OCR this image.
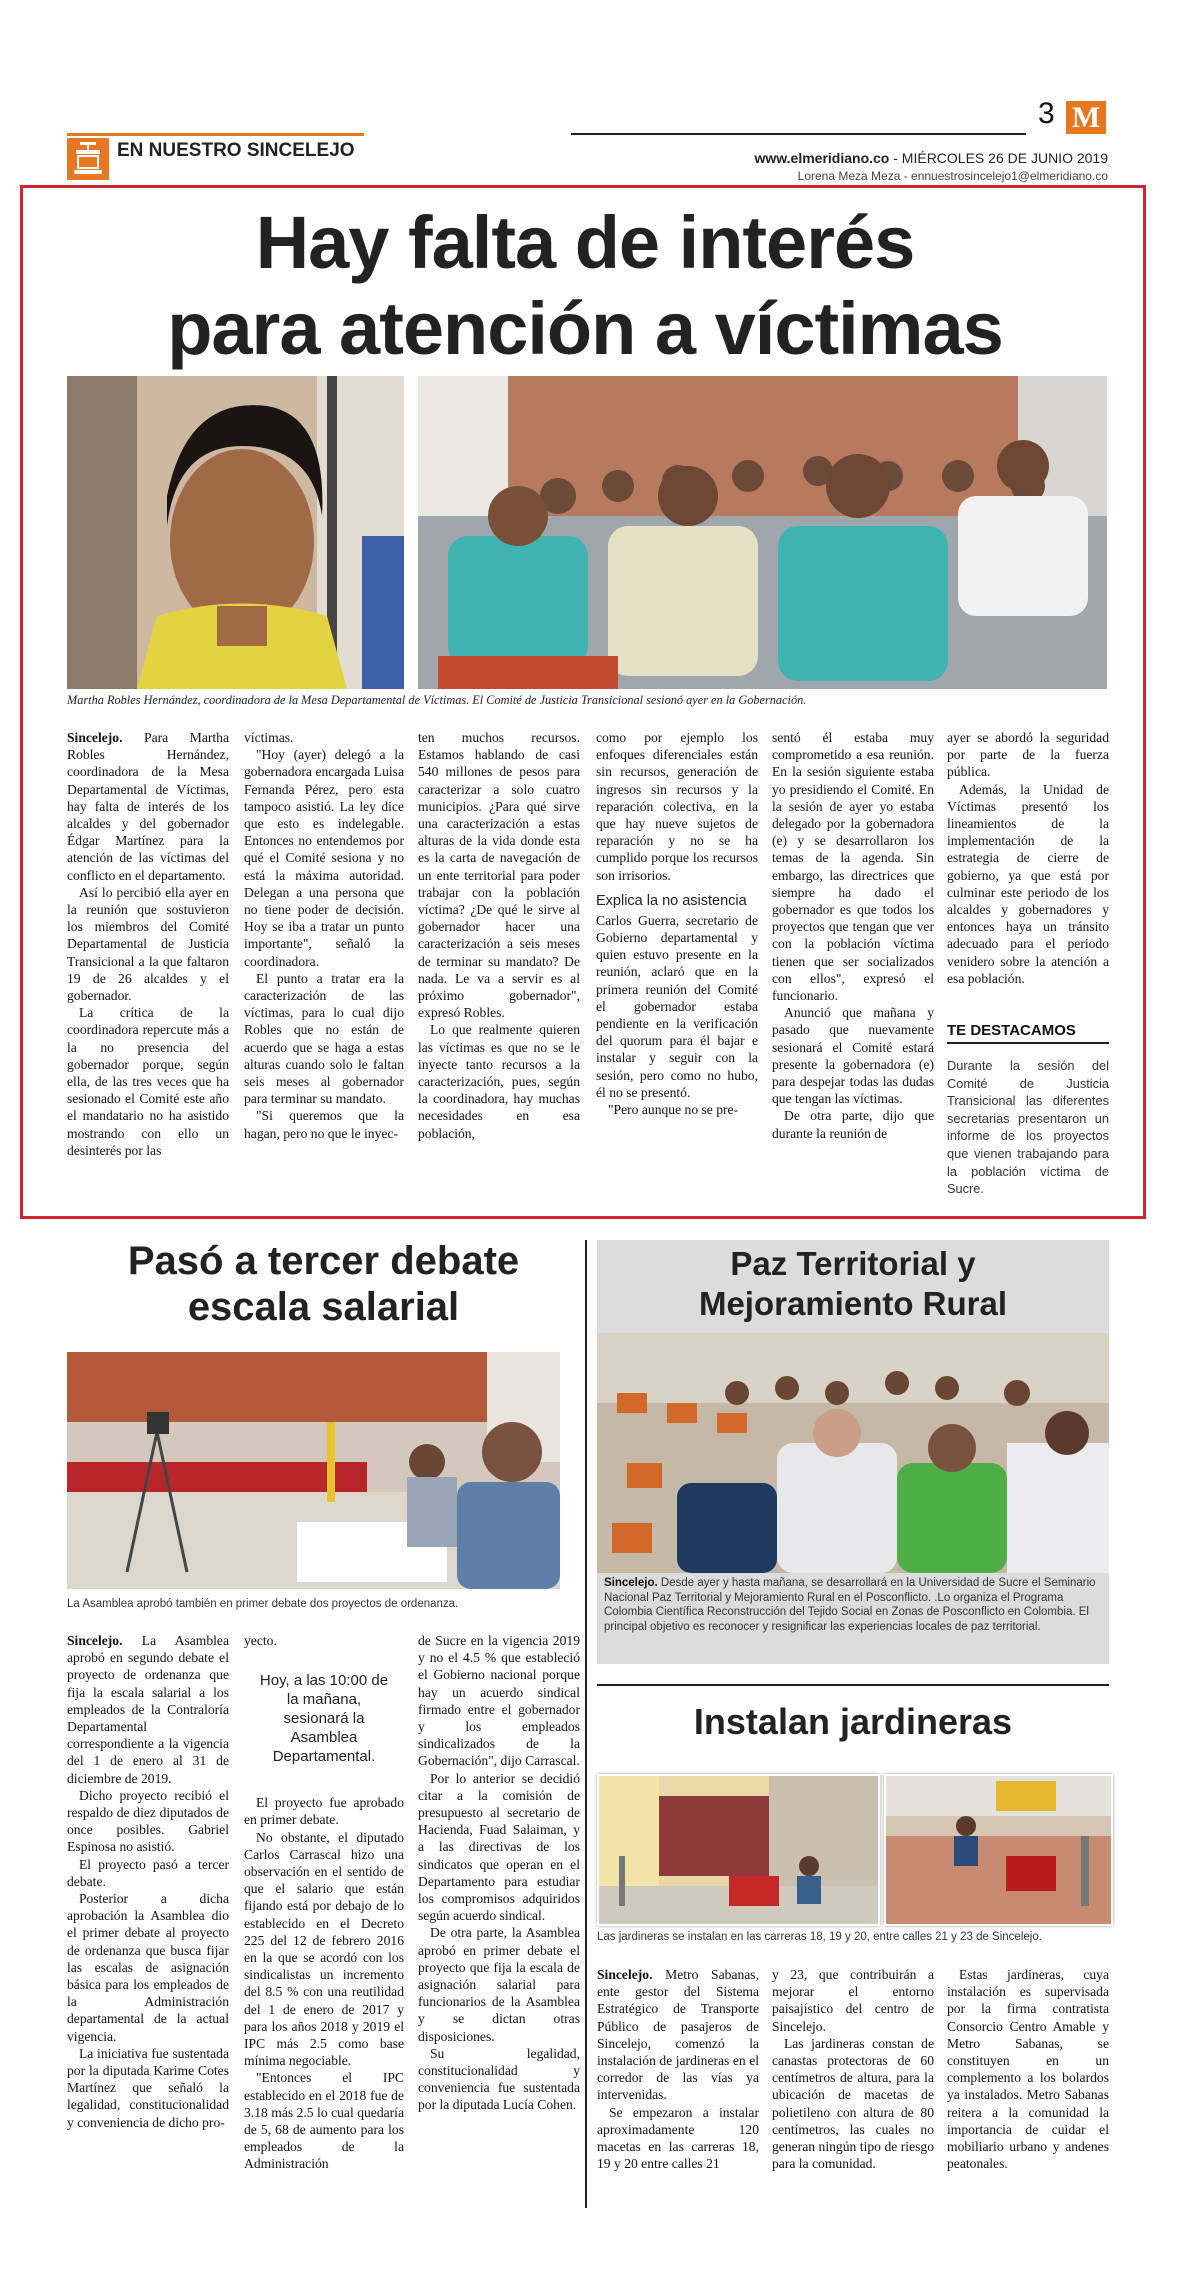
3 M
EN NUESTRO SINCELEJO	www.elmeridiano.co - MIÉRCOLES 26 DE JUNIO 2019
Lorena Meza Meza - ennuestrosincelejo1@elmeridiano.co
Hay falta de interés
para atención a víctimas
Martha Robles Hernández, coordinadora de la Mesa Departamental de Víctimas. El Comité de Justicia Transicional sesionó ayer en la Gobernación.

Sincelejo. Para Martha Robles Hernández, coordinadora de la Mesa Departamental de Víctimas, hay falta de interés de los alcaldes y del gobernador Édgar Martínez para la atención de las víctimas del conflicto en el departamento.

Así lo percibió ella ayer en la reunión que sostuvieron los miembros del Comité Departamental de Justicia Transicional a la que faltaron 19 de 26 alcaldes y el gobernador.

La crítica de la coordinadora repercute más a la no presencia del gobernador porque, según ella, de las tres veces que ha sesionado el Comité este año el mandatario no ha asistido mostrando con ello un desinterés por las

víctimas.

"Hoy (ayer) delegó a la gobernadora encargada Luisa Fernanda Pérez, pero esta tampoco asistió. La ley dice que esto es indelegable. Entonces no entendemos por qué el Comité sesiona y no está la máxima autoridad. Delegan a una persona que no tiene poder de decisión. Hoy se iba a tratar un punto importante", señaló la coordinadora.

El punto a tratar era la caracterización de las víctimas, para lo cual dijo Robles que no están de acuerdo que se haga a estas alturas cuando solo le faltan seis meses al gobernador para terminar su mandato.

"Si queremos que la hagan, pero no que le inyec-

ten muchos recursos. Estamos hablando de casi 540 millones de pesos para caracterizar a solo cuatro municipios. ¿Para qué sirve una caracterización a estas alturas de la vida donde esta es la carta de navegación de un ente territorial para poder trabajar con la población víctima? ¿De qué le sirve al gobernador hacer una caracterización a seis meses de terminar su mandato? De nada. Le va a servir es al próximo gobernador", expresó Robles.

Lo que realmente quieren las víctimas es que no se le inyecte tanto recursos a la caracterización, pues, según la coordinadora, hay muchas necesidades en esa población,

como por ejemplo los enfoques diferenciales están sin recursos, generación de ingresos sin recursos y la reparación colectiva, en la que hay nueve sujetos de reparación y no se ha cumplido porque los recursos son irrisorios.

Explica la no asistencia

Carlos Guerra, secretario de Gobierno departamental y quien estuvo presente en la reunión, aclaró que en la primera reunión del Comité el gobernador estaba pendiente en la verificación del quorum para él bajar e instalar y seguir con la sesión, pero como no hubo, él no se presentó.

"Pero aunque no se pre-

sentó él estaba muy comprometido a esa reunión. En la sesión siguiente estaba yo presidiendo el Comité. En la sesión de ayer yo estaba delegado por la gobernadora (e) y se desarrollaron los temas de la agenda. Sin embargo, las directrices que siempre ha dado el gobernador es que todos los proyectos que tengan que ver con la población víctima tienen que ser socializados con ellos", expresó el funcionario.

Anunció que mañana y pasado que nuevamente sesionará el Comité estará presente la gobernadora (e) para despejar todas las dudas que tengan las víctimas.

De otra parte, dijo que durante la reunión de

ayer se abordó la seguridad por parte de la fuerza pública.

Además, la Unidad de Víctimas presentó los lineamientos de la implementación de la estrategia de cierre de gobierno, ya que está por culminar este periodo de los alcaldes y gobernadores y entonces haya un tránsito adecuado para el periodo venidero sobre la atención a esa población.

TE DESTACAMOS
Durante la sesión del Comité de Justicia Transicional las diferentes secretarias presentaron un informe de los proyectos que vienen trabajando para la población víctima de Sucre.
Pasó a tercer debate
escala salarial
La Asamblea aprobó también en primer debate dos proyectos de ordenanza.

Sincelejo. La Asamblea aprobó en segundo debate el proyecto de ordenanza que fija la escala salarial a los empleados de la Contraloría Departamental correspondiente a la vigencia del 1 de enero al 31 de diciembre de 2019.

Dicho proyecto recibió el respaldo de diez diputados de once posibles. Gabriel Espinosa no asistió.

El proyecto pasó a tercer debate.

Posterior a dicha aprobación la Asamblea dio el primer debate al proyecto de ordenanza que busca fijar las escalas de asignación básica para los empleados de la Administración departamental de la actual vigencia.

La iniciativa fue sustentada por la diputada Karime Cotes Martínez que señaló la legalidad, constitucionalidad y conveniencia de dicho pro-

yecto.

Hoy, a las 10:00 de la mañana, sesionará la Asamblea Departamental.

El proyecto fue aprobado en primer debate.

No obstante, el diputado Carlos Carrascal hizo una observación en el sentido de que el salario que están fijando está por debajo de lo establecido en el Decreto 225 del 12 de febrero 2016 en la que se acordó con los sindicalistas un incremento del 8.5 % con una reutilidad del 1 de enero de 2017 y para los años 2018 y 2019 el IPC más 2.5 como base mínima negociable.

"Entonces el IPC establecido en el 2018 fue de 3.18 más 2.5 lo cual quedaría de 5, 68 de aumento para los empleados de la Administración

de Sucre en la vigencia 2019 y no el 4.5 % que estableció el Gobierno nacional porque hay un acuerdo sindical firmado entre el gobernador y los empleados sindicalizados de la Gobernación", dijo Carrascal.

Por lo anterior se decidió citar a la comisión de presupuesto al secretario de Hacienda, Fuad Salaiman, y a las directivas de los sindicatos que operan en el Departamento para estudiar los compromisos adquiridos según acuerdo sindical.

De otra parte, la Asamblea aprobó en primer debate el proyecto que fija la escala de asignación salarial para funcionarios de la Asamblea y se dictan otras disposiciones.

Su legalidad, constitucionalidad y conveniencia fue sustentada por la diputada Lucía Cohen.

Paz Territorial y
Mejoramiento Rural
Sincelejo. Desde ayer y hasta mañana, se desarrollará en la Universidad de Sucre el Seminario Nacional Paz Territorial y Mejoramiento Rural en el Posconflicto. .Lo organiza el Programa Colombia Científica Reconstrucción del Tejido Social en Zonas de Posconflicto en Colombia. El principal objetivo es reconocer y resignificar las experiencias locales de paz territorial.
Instalan jardineras
Las jardineras se instalan en las carreras 18, 19 y 20, entre calles 21 y 23 de Sincelejo.

Sincelejo. Metro Sabanas, ente gestor del Sistema Estratégico de Transporte Público de pasajeros de Sincelejo, comenzó la instalación de jardineras en el corredor de las vías ya intervenidas.

Se empezaron a instalar aproximadamente 120 macetas en las carreras 18, 19 y 20 entre calles 21

y 23, que contribuirán a mejorar el entorno paisajístico del centro de Sincelejo.

Las jardineras constan de canastas protectoras de 60 centímetros de altura, para la ubicación de macetas de polietileno con altura de 80 centímetros, las cuales no generan ningún tipo de riesgo para la comunidad.

Estas jardineras, cuya instalación es supervisada por la firma contratista Consorcio Centro Amable y Metro Sabanas, se constituyen en un complemento a los bolardos ya instalados. Metro Sabanas reitera a la comunidad la importancia de cuidar el mobiliario urbano y andenes peatonales.
